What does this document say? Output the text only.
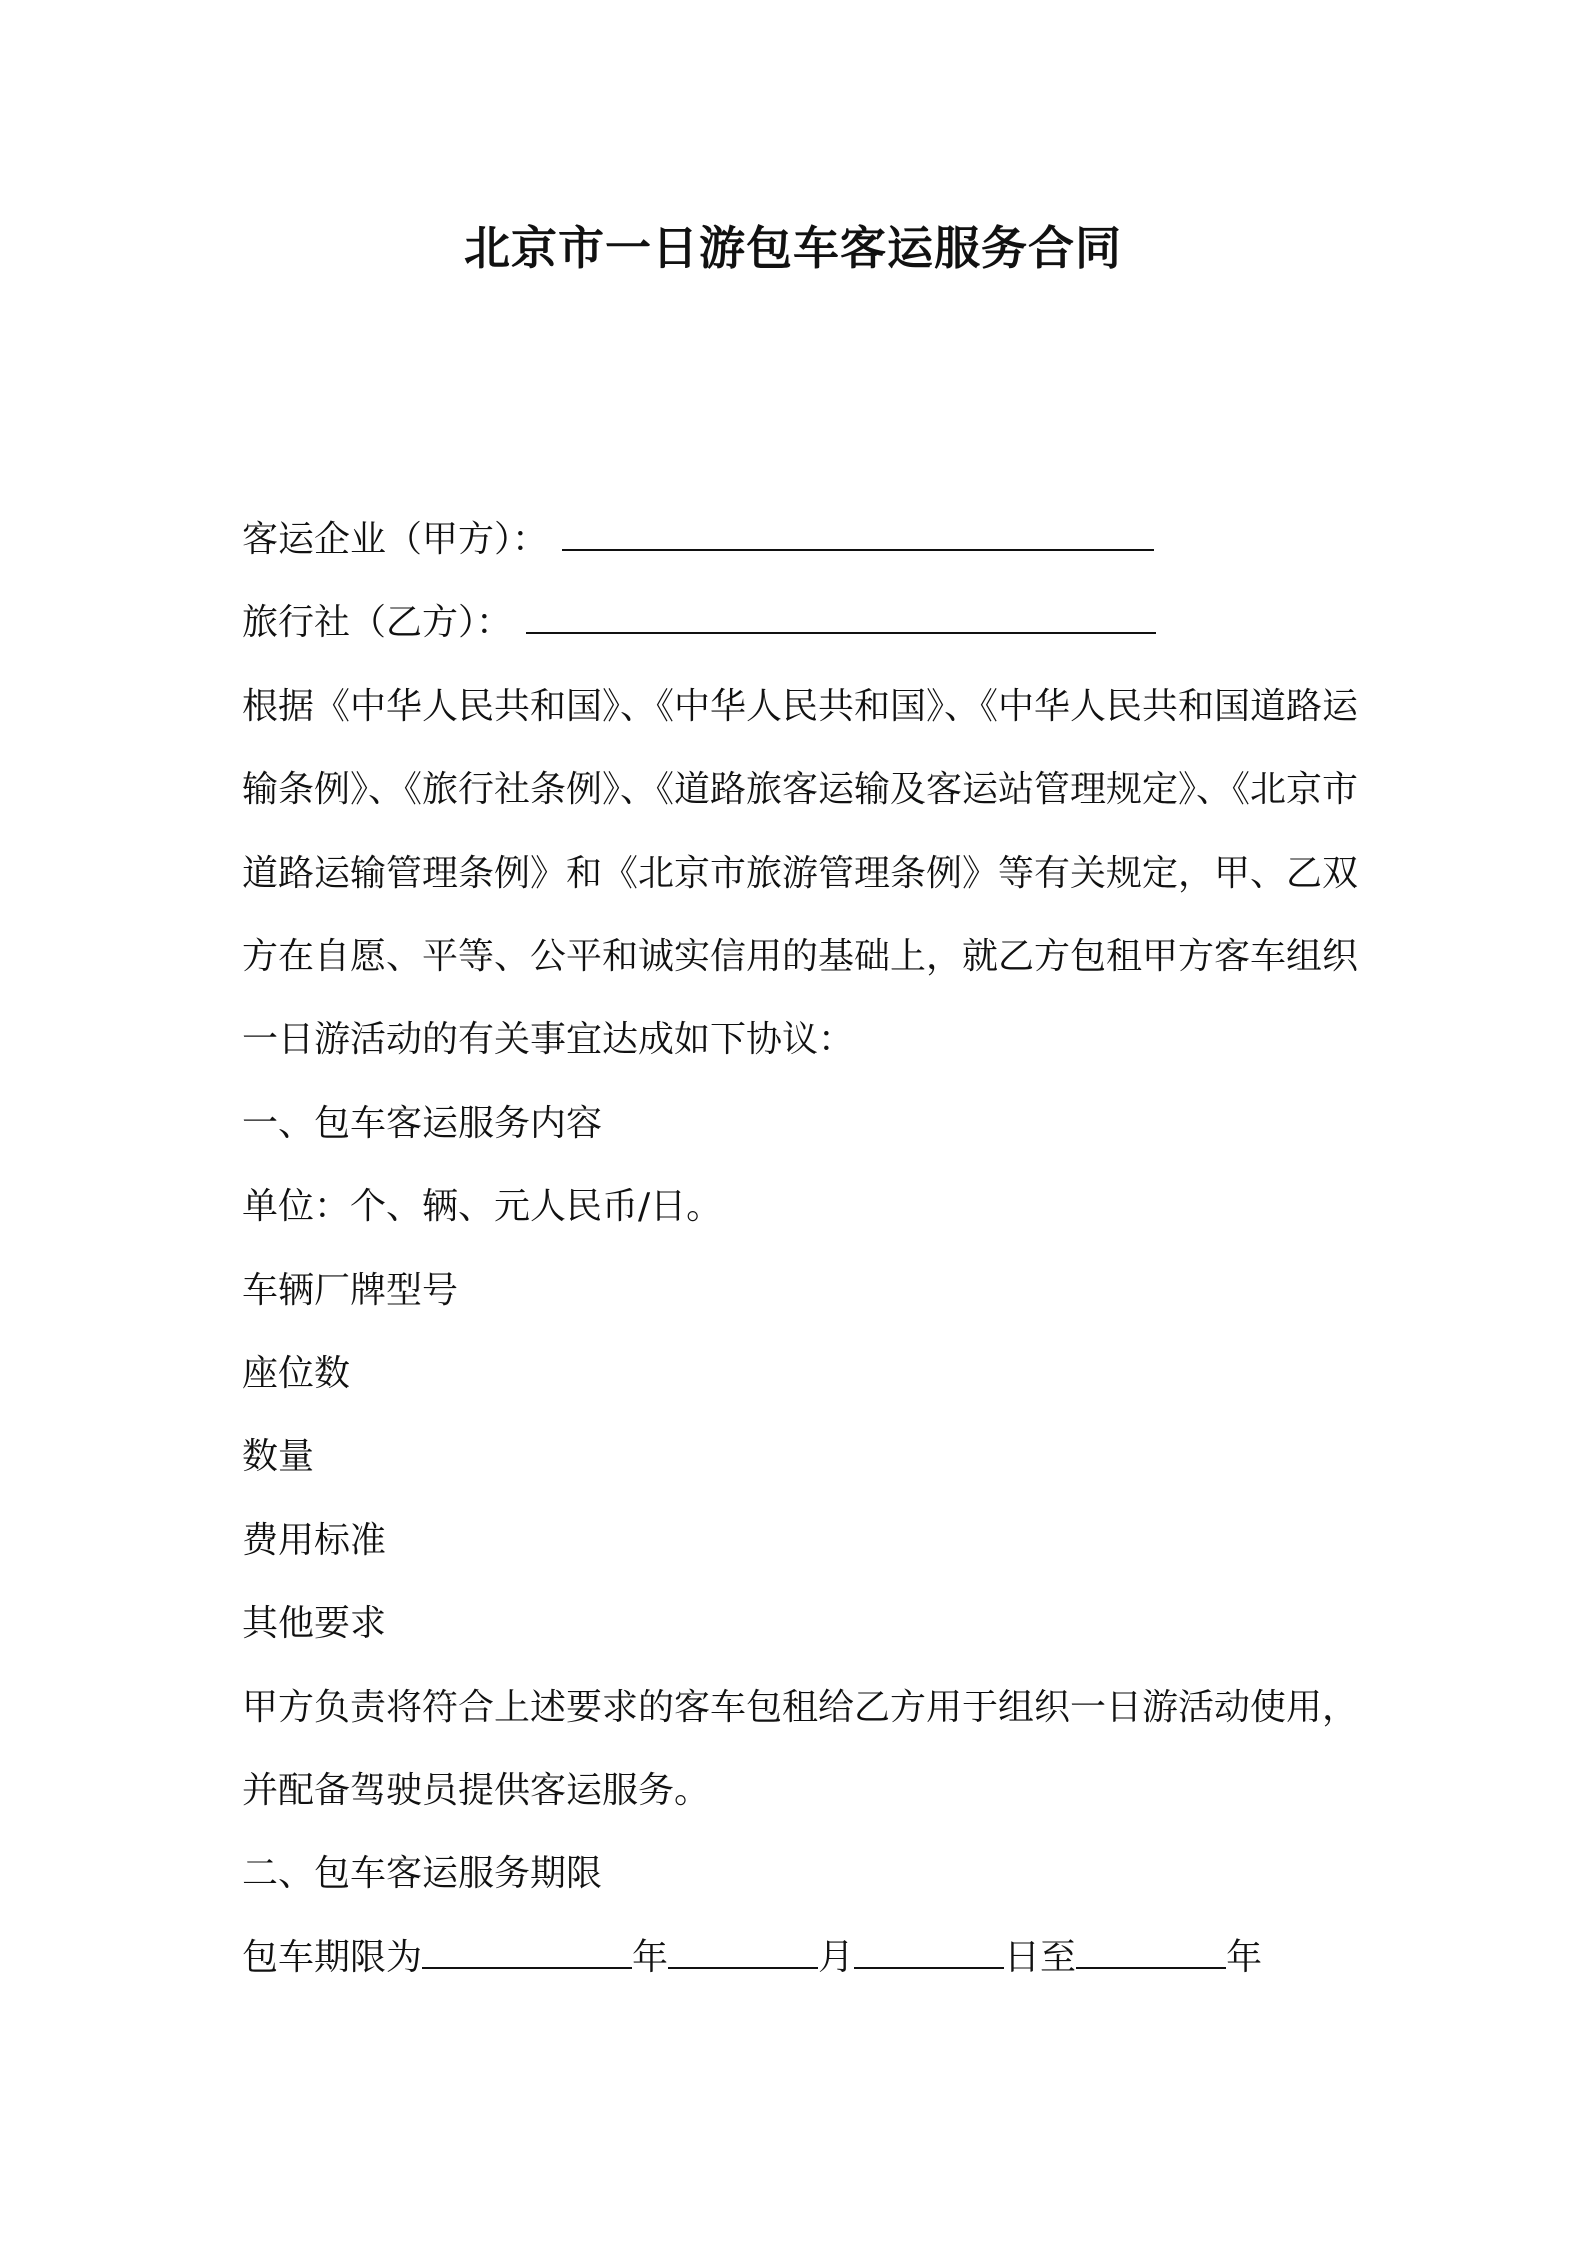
北京市一日游包车客运服务合同
客运企业（甲方）：
旅行社（乙方）：
根据《中华人民共和国》、《中华人民共和国》、《中华人民共和国道路运输条例》、《旅行社条例》、《道路旅客运输及客运站管理规定》、《北京市道路运输管理条例》和《北京市旅游管理条例》等有关规定，甲、乙双方在自愿、平等、公平和诚实信用的基础上，就乙方包租甲方客车组织一日游活动的有关事宜达成如下协议：
一、包车客运服务内容
单位：个、辆、元人民币/日。
车辆厂牌型号
座位数
数量
费用标准
其他要求
甲方负责将符合上述要求的客车包租给乙方用于组织一日游活动使用，并配备驾驶员提供客运服务。
二、包车客运服务期限
包车期限为	年	月	日至	年
